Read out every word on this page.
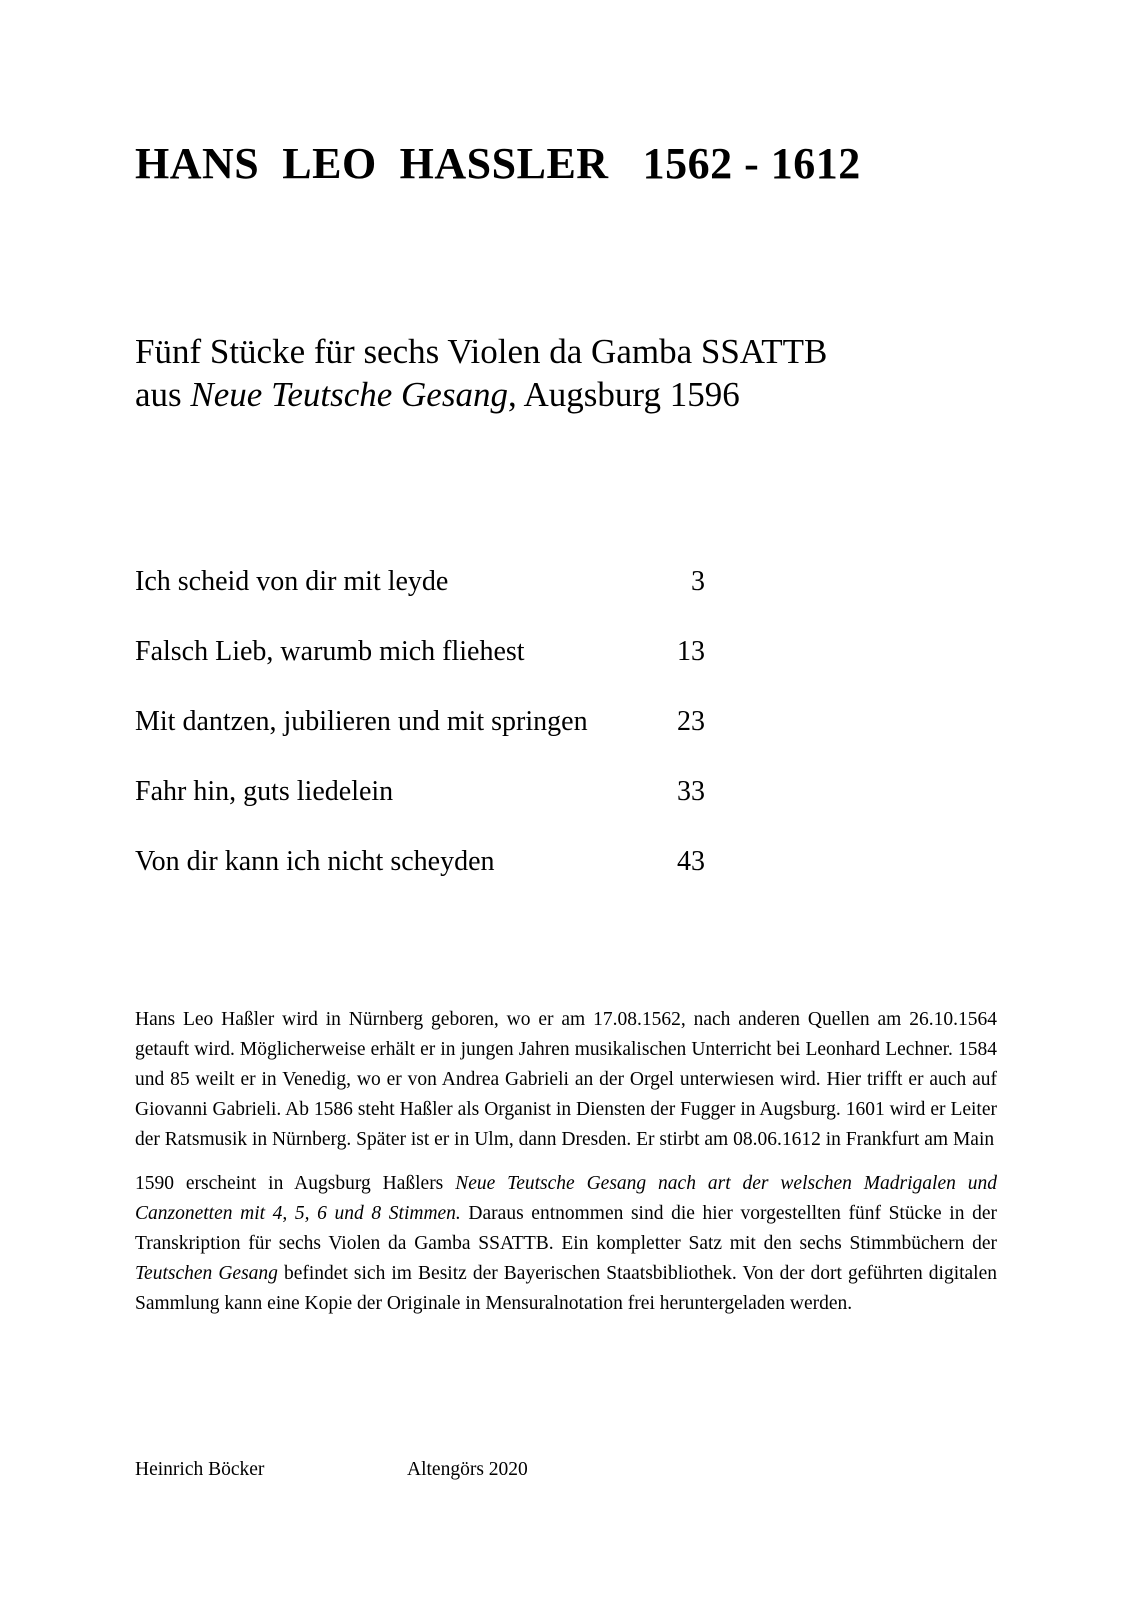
HANS  LEO  HASSLER 1562 - 1612
Fünf Stücke für sechs Violen da Gamba SSATTB
aus Neue Teutsche Gesang, Augsburg 1596
Ich scheid von dir mit leyde	3
Falsch Lieb, warumb mich fliehest	13
Mit dantzen, jubilieren und mit springen	23
Fahr hin, guts liedelein	33
Von dir kann ich nicht scheyden	43

Hans Leo Haßler wird in Nürnberg geboren, wo er am 17.08.1562, nach anderen Quellen am 26.10.1564 getauft wird. Möglicherweise erhält er in jungen Jahren musikalischen Unterricht bei Leonhard Lechner. 1584 und 85 weilt er in Venedig, wo er von Andrea Gabrieli an der Orgel unterwiesen wird. Hier trifft er auch auf Giovanni Gabrieli. Ab 1586 steht Haßler als Organist in Diensten der Fugger in Augsburg. 1601 wird er Leiter der Ratsmusik in Nürnberg. Später ist er in Ulm, dann Dresden. Er stirbt am 08.06.1612 in Frankfurt am Main

1590 erscheint in Augsburg Haßlers Neue Teutsche Gesang nach art der welschen Madrigalen und Canzonetten mit 4, 5, 6 und 8 Stimmen. Daraus entnommen sind die hier vorgestellten fünf Stücke in der Transkription für sechs Violen da Gamba SSATTB. Ein kompletter Satz mit den sechs Stimmbüchern der Teutschen Gesang befindet sich im Besitz der Bayerischen Staatsbibliothek. Von der dort geführten digitalen Sammlung kann eine Kopie der Originale in Mensuralnotation frei heruntergeladen werden.

Heinrich Böcker	Altengörs 2020
